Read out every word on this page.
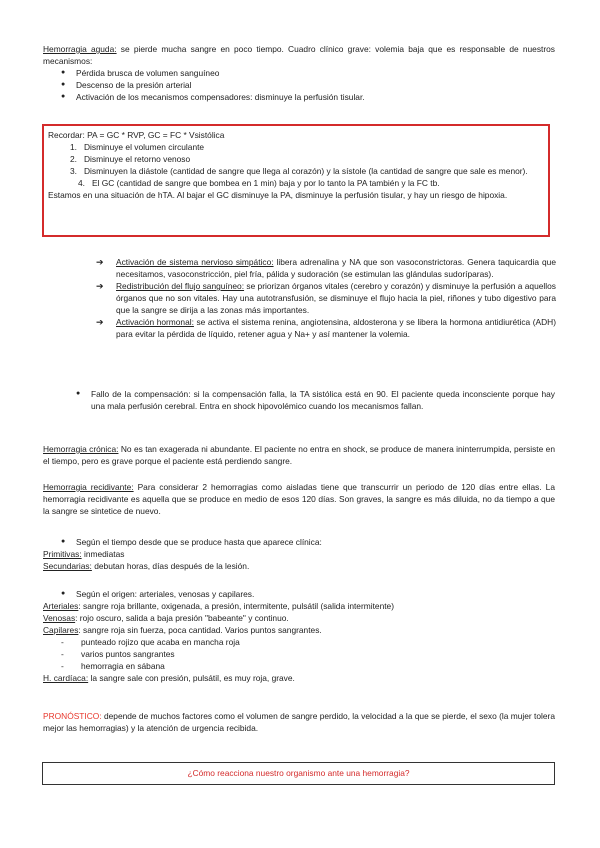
Hemorragia aguda: se pierde mucha sangre en poco tiempo. Cuadro clínico grave: volemia baja que es responsable de nuestros mecanismos:

● Pérdida brusca de volumen sanguíneo
● Descenso de la presión arterial
● Activación de los mecanismos compensadores: disminuye la perfusión tisular.

Recordar: PA = GC * RVP, GC = FC * Vsistólica

1. Disminuye el volumen circulante
2. Disminuye el retorno venoso
3. Disminuyen la diástole (cantidad de sangre que llega al corazón) y la sístole (la cantidad de sangre que sale es menor).
4. El GC (cantidad de sangre que bombea en 1 min) baja y por lo tanto la PA también y la FC tb.

Estamos en una situación de hTA. Al bajar el GC disminuye la PA, disminuye la perfusión tisular, y hay un riesgo de hipoxia.

➔ Activación de sistema nervioso simpático: libera adrenalina y NA que son vasoconstrictoras. Genera taquicardia que necesitamos, vasoconstricción, piel fría, pálida y sudoración (se estimulan las glándulas sudoríparas).
➔ Redistribución del flujo sanguíneo: se priorizan órganos vitales (cerebro y corazón) y disminuye la perfusión a aquellos órganos que no son vitales. Hay una autotransfusión, se disminuye el flujo hacia la piel, riñones y tubo digestivo para que la sangre se dirija a las zonas más importantes.
➔ Activación hormonal: se activa el sistema renina, angiotensina, aldosterona y se libera la hormona antidiurética (ADH) para evitar la pérdida de líquido, retener agua y Na+ y así mantener la volemia.
● Fallo de la compensación: si la compensación falla, la TA sistólica está en 90. El paciente queda inconsciente porque hay una mala perfusión cerebral. Entra en shock hipovolémico cuando los mecanismos fallan.

Hemorragia crónica: No es tan exagerada ni abundante. El paciente no entra en shock, se produce de manera ininterrumpida, persiste en el tiempo, pero es grave porque el paciente está perdiendo sangre.

Hemorragia recidivante: Para considerar 2 hemorragias como aisladas tiene que transcurrir un periodo de 120 días entre ellas. La hemorragia recidivante es aquella que se produce en medio de esos 120 días. Son graves, la sangre es más diluida, no da tiempo a que la sangre se sintetice de nuevo.

● Según el tiempo desde que se produce hasta que aparece clínica:

Primitivas: inmediatas

Secundarias: debutan horas, días después de la lesión.

● Según el origen: arteriales, venosas y capilares.

Arteriales: sangre roja brillante, oxigenada, a presión, intermitente, pulsátil (salida intermitente)

Venosas: rojo oscuro, salida a baja presión "babeante" y continuo.

Capilares: sangre roja sin fuerza, poca cantidad. Varios puntos sangrantes.

- punteado rojizo que acaba en mancha roja
- varios puntos sangrantes
- hemorragia en sábana

H. cardíaca: la sangre sale con presión, pulsátil, es muy roja, grave.

PRONÓSTICO: depende de muchos factores como el volumen de sangre perdido, la velocidad a la que se pierde, el sexo (la mujer tolera mejor las hemorragias) y la atención de urgencia recibida.

¿Cómo reacciona nuestro organismo ante una hemorragia?
